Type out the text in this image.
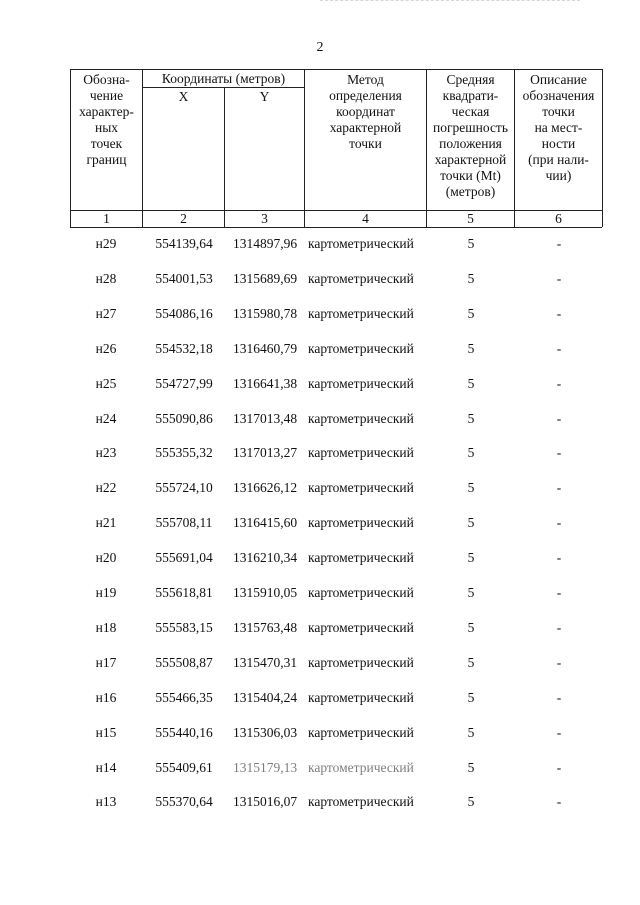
2
Обозна-
чение
характер-
ных
точек
границ
Координаты (метров)
X	Y
Метод
определения
координат
характерной
точки
Средняя
квадрати-
ческая
погрешность
положения
характерной
точки (Mt)
(метров)
Описание
обозначения
точки
на мест-
ности
(при нали-
чии)
1	2	3	4	5	6
н29	554139,64	1314897,96 картометрический	5	-
н28	554001,53	1315689,69 картометрический	5	-
н27	554086,16	1315980,78 картометрический	5	-
н26	554532,18	1316460,79 картометрический	5	-
н25	554727,99	1316641,38 картометрический	5	-
н24	555090,86	1317013,48 картометрический	5	-
н23	555355,32	1317013,27 картометрический	5	-
н22	555724,10	1316626,12 картометрический	5	-
н21	555708,11	1316415,60 картометрический	5	-
н20	555691,04	1316210,34 картометрический	5	-
н19	555618,81	1315910,05 картометрический	5	-
н18	555583,15	1315763,48 картометрический	5	-
н17	555508,87	1315470,31 картометрический	5	-
н16	555466,35	1315404,24 картометрический	5	-
н15	555440,16	1315306,03 картометрический	5	-
н14	555409,61	1315179,13 картометрический	5	-
н13	555370,64	1315016,07 картометрический	5	-
